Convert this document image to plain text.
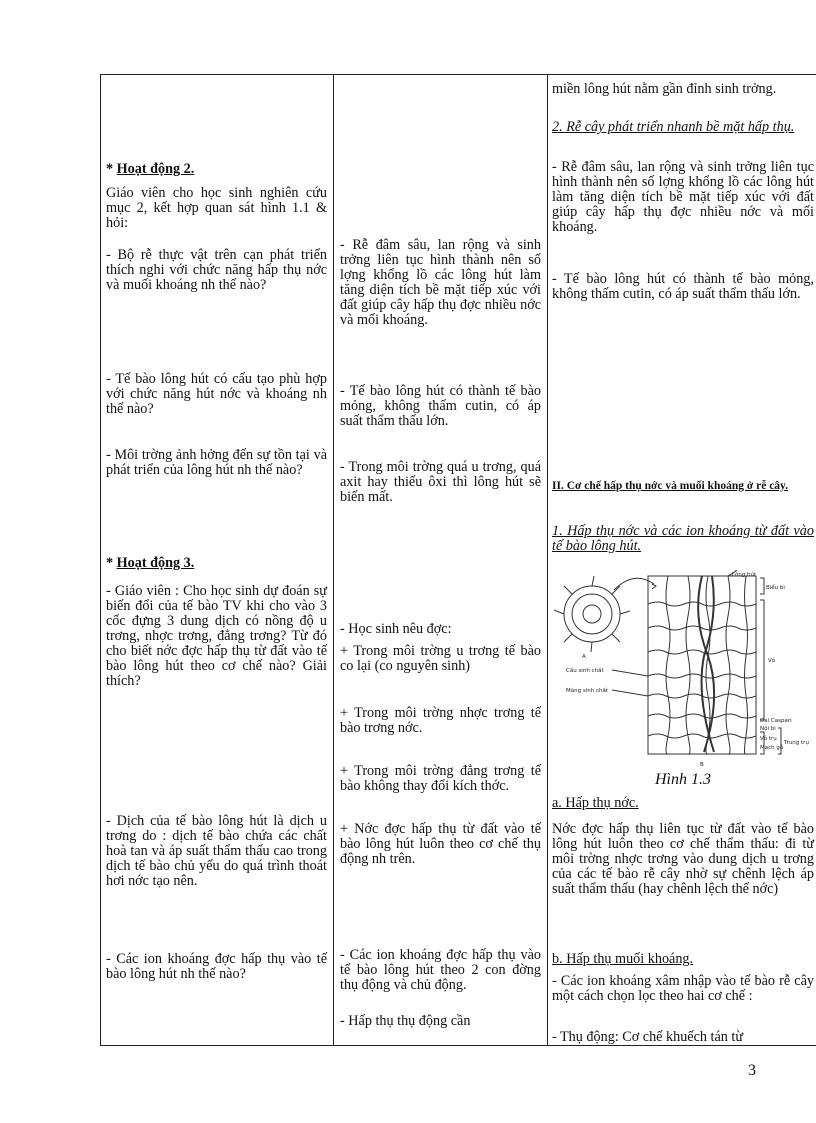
* Hoạt động 2.
Giáo viên cho học sinh nghiên cứu mục 2, kết hợp quan sát hình 1.1 & hỏi:
- Bộ rễ thực vật trên cạn phát triển thích nghi với chức năng hấp thụ nớc và muối khoáng nh thế nào?
- Tế bào lông hút có cấu tạo phù hợp với chức năng hút nớc và khoáng nh thế nào?
- Môi trờng ảnh hởng đến sự tồn tại và phát triển của lông hút nh thế nào?
* Hoạt động 3.
- Giáo viên : Cho học sinh dự đoán sự biến đổi của tế bào TV khi cho vào 3 cốc đựng 3 dung dịch có nồng độ u trơng, nhợc trơng, đẳng trơng? Từ đó cho biết nớc đợc hấp thụ từ đất vào tế bào lông hút theo cơ chế nào? Giải thích?
- Dịch của tế bào lông hút là dịch u trơng do : dịch tế bào chứa các chất hoà tan và áp suất thẩm thấu cao trong dịch tế bào chủ yếu do quá trình thoát hơi nớc tạo nên.
- Các ion khoáng đợc hấp thụ vào tế bào lông hút nh thế nào?
- Rễ đâm sâu, lan rộng và sinh trởng liên tục hình thành nên số lợng khổng lồ các lông hút làm tăng diện tích bề mặt tiếp xúc với đất giúp cây hấp thụ đợc nhiều nớc và mối khoáng.
- Tế bào lông hút có thành tế bào mỏng, không thấm cutin, có áp suất thẩm thấu lớn.
- Trong môi trờng quá u trơng, quá axit hay thiếu ôxi thì lông hút sẽ biến mất.
- Học sinh nêu đợc:
+ Trong môi trờng u trơng tế bào co lại (co nguyên sinh)
+ Trong môi trờng nhợc trơng tế bào trơng nớc.
+ Trong môi trờng đẳng trơng tế bào không thay đổi kích thớc.
+ Nớc đợc hấp thụ từ đất vào tế bào lông hút luôn theo cơ chế thụ động nh trên.
- Các ion khoáng đợc hấp thụ vào tế bào lông hút theo 2 con đờng thụ động và chủ động.
- Hấp thụ thụ động cần
miền lông hút nằm gần đỉnh sinh trởng.
2. Rễ cây phát triển nhanh bề mặt hấp thụ.
- Rễ đâm sâu, lan rộng và sinh trởng liên tục hình thành nên số lợng khổng lồ các lông hút làm tăng diện tích bề mặt tiếp xúc với đất giúp cây hấp thụ đợc nhiều nớc và mối khoáng.
- Tế bào lông hút có thành tế bào mỏng, không thấm cutin, có áp suất thẩm thấu lớn.
II. Cơ chế hấp thụ nớc và muối khoáng ở rễ cây.
1. Hấp thụ nớc và các ion khoáng từ đất vào tế bào lông hút.
Lông hút
Biểu bì
Vỏ
Cầu sinh chất
Màng sinh chất
Đai Caspari
Nội bì
Vỏ trụ
Mạch gỗ
Trung trụ
A
B
Hình 1.3
a. Hấp thụ nớc.
Nớc đợc hấp thụ liên tục từ đất vào tế bào lông hút luôn theo cơ chế thẩm thấu: đi từ môi trờng nhợc trơng vào dung dịch u trơng của các tế bào rễ cây nhờ sự chênh lệch áp suất thẩm thấu (hay chênh lệch thế nớc)
b. Hấp thụ muối khoáng.
- Các ion khoáng xâm nhập vào tế bào rễ cây một cách chọn lọc theo hai cơ chế :
- Thụ động: Cơ chế khuếch tán từ
3
